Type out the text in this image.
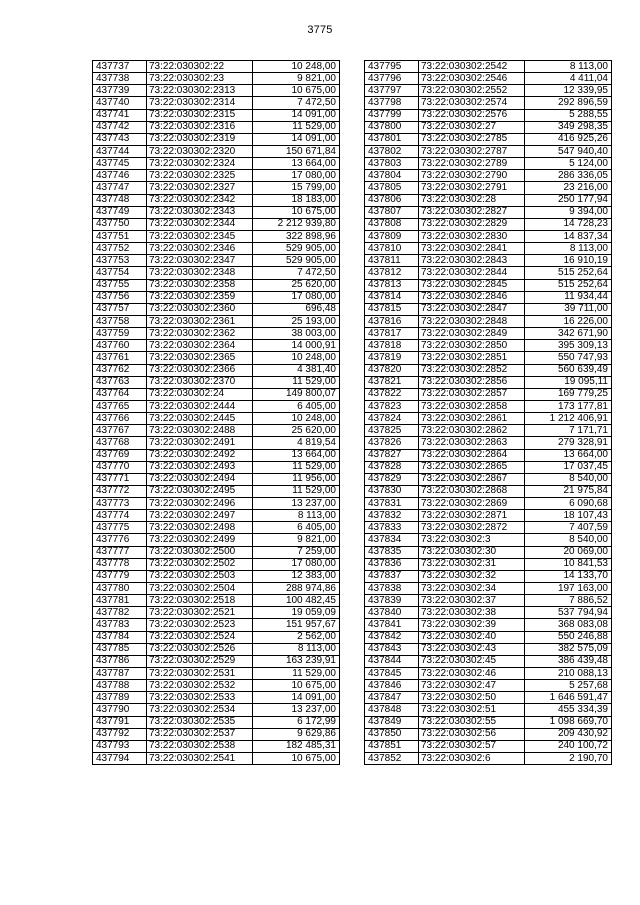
3775
437737	73:22:030302:22	10 248,00
437738	73:22:030302:23	9 821,00
437739	73:22:030302:2313	10 675,00
437740	73:22:030302:2314	7 472,50
437741	73:22:030302:2315	14 091,00
437742	73:22:030302:2316	11 529,00
437743	73:22:030302:2319	14 091,00
437744	73:22:030302:2320	150 671,84
437745	73:22:030302:2324	13 664,00
437746	73:22:030302:2325	17 080,00
437747	73:22:030302:2327	15 799,00
437748	73:22:030302:2342	18 183,00
437749	73:22:030302:2343	10 675,00
437750	73:22:030302:2344	2 212 939,80
437751	73:22:030302:2345	322 898,96
437752	73:22:030302:2346	529 905,00
437753	73:22:030302:2347	529 905,00
437754	73:22:030302:2348	7 472,50
437755	73:22:030302:2358	25 620,00
437756	73:22:030302:2359	17 080,00
437757	73:22:030302:2360	696,48
437758	73:22:030302:2361	25 193,00
437759	73:22:030302:2362	38 003,00
437760	73:22:030302:2364	14 000,91
437761	73:22:030302:2365	10 248,00
437762	73:22:030302:2366	4 381,40
437763	73:22:030302:2370	11 529,00
437764	73:22:030302:24	149 800,07
437765	73:22:030302:2444	6 405,00
437766	73:22:030302:2445	10 248,00
437767	73:22:030302:2488	25 620,00
437768	73:22:030302:2491	4 819,54
437769	73:22:030302:2492	13 664,00
437770	73:22:030302:2493	11 529,00
437771	73:22:030302:2494	11 956,00
437772	73:22:030302:2495	11 529,00
437773	73:22:030302:2496	13 237,00
437774	73:22:030302:2497	8 113,00
437775	73:22:030302:2498	6 405,00
437776	73:22:030302:2499	9 821,00
437777	73:22:030302:2500	7 259,00
437778	73:22:030302:2502	17 080,00
437779	73:22:030302:2503	12 383,00
437780	73:22:030302:2504	288 974,86
437781	73:22:030302:2518	100 482,45
437782	73:22:030302:2521	19 059,09
437783	73:22:030302:2523	151 957,67
437784	73:22:030302:2524	2 562,00
437785	73:22:030302:2526	8 113,00
437786	73:22:030302:2529	163 239,91
437787	73:22:030302:2531	11 529,00
437788	73:22:030302:2532	10 675,00
437789	73:22:030302:2533	14 091,00
437790	73:22:030302:2534	13 237,00
437791	73:22:030302:2535	6 172,99
437792	73:22:030302:2537	9 629,86
437793	73:22:030302:2538	182 485,31
437794	73:22:030302:2541	10 675,00
437795	73:22:030302:2542	8 113,00
437796	73:22:030302:2546	4 411,04
437797	73:22:030302:2552	12 339,95
437798	73:22:030302:2574	292 896,59
437799	73:22:030302:2576	5 288,55
437800	73:22:030302:27	349 298,35
437801	73:22:030302:2785	416 925,26
437802	73:22:030302:2787	547 940,40
437803	73:22:030302:2789	5 124,00
437804	73:22:030302:2790	286 336,05
437805	73:22:030302:2791	23 216,00
437806	73:22:030302:28	250 177,94
437807	73:22:030302:2827	9 394,00
437808	73:22:030302:2829	14 728,23
437809	73:22:030302:2830	14 837,34
437810	73:22:030302:2841	8 113,00
437811	73:22:030302:2843	16 910,19
437812	73:22:030302:2844	515 252,64
437813	73:22:030302:2845	515 252,64
437814	73:22:030302:2846	11 934,44
437815	73:22:030302:2847	39 711,00
437816	73:22:030302:2848	16 226,00
437817	73:22:030302:2849	342 671,90
437818	73:22:030302:2850	395 309,13
437819	73:22:030302:2851	550 747,93
437820	73:22:030302:2852	560 639,49
437821	73:22:030302:2856	19 095,11
437822	73:22:030302:2857	169 779,25
437823	73:22:030302:2858	173 177,81
437824	73:22:030302:2861	1 212 406,91
437825	73:22:030302:2862	7 171,71
437826	73:22:030302:2863	279 328,91
437827	73:22:030302:2864	13 664,00
437828	73:22:030302:2865	17 037,45
437829	73:22:030302:2867	8 540,00
437830	73:22:030302:2868	21 975,84
437831	73:22:030302:2869	6 090,68
437832	73:22:030302:2871	18 107,43
437833	73:22:030302:2872	7 407,59
437834	73:22:030302:3	8 540,00
437835	73:22:030302:30	20 069,00
437836	73:22:030302:31	10 841,53
437837	73:22:030302:32	14 133,70
437838	73:22:030302:34	197 163,00
437839	73:22:030302:37	7 886,52
437840	73:22:030302:38	537 794,94
437841	73:22:030302:39	368 083,08
437842	73:22:030302:40	550 246,88
437843	73:22:030302:43	382 575,09
437844	73:22:030302:45	386 439,48
437845	73:22:030302:46	210 088,13
437846	73:22:030302:47	5 257,68
437847	73:22:030302:50	1 646 591,47
437848	73:22:030302:51	455 334,39
437849	73:22:030302:55	1 098 669,70
437850	73:22:030302:56	209 430,92
437851	73:22:030302:57	240 100,72
437852	73:22:030302:6	2 190,70
